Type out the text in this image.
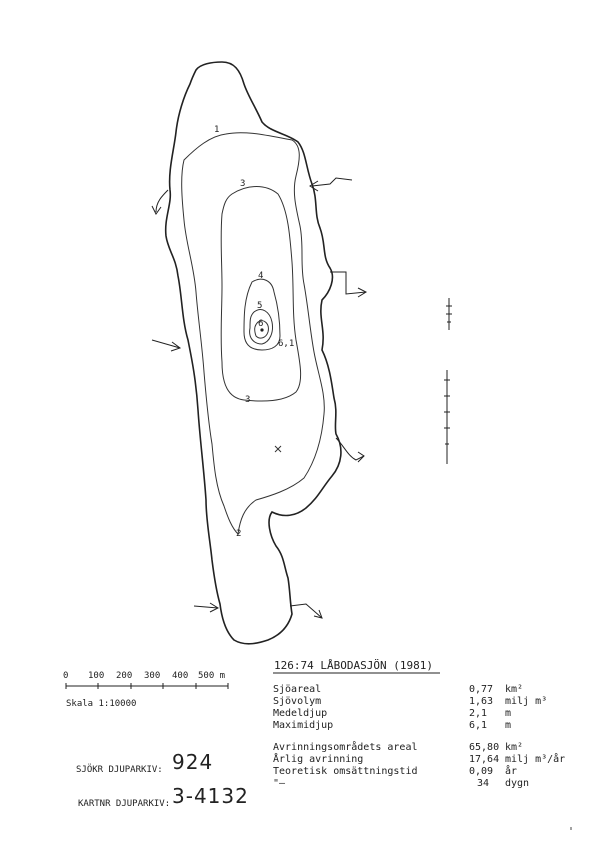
1
3
4
5
6
6,1
3
2
0 100 200 300 400 500 m
Skala 1:10000
126:74 LÅBODASJÖN (1981)
Sjöareal	0,77 km²
Sjövolym	1,63 milj m³
Medeldjup	2,1 m
Maximidjup	6,1 m
Avrinningsområdets areal	65,80 km²
Årlig avrinning	17,64 milj m³/år
Teoretisk omsättningstid	0,09 år
"—	34 dygn
SJÖKR DJUPARKIV: 924
KARTNR DJUPARKIV: 3-4132
